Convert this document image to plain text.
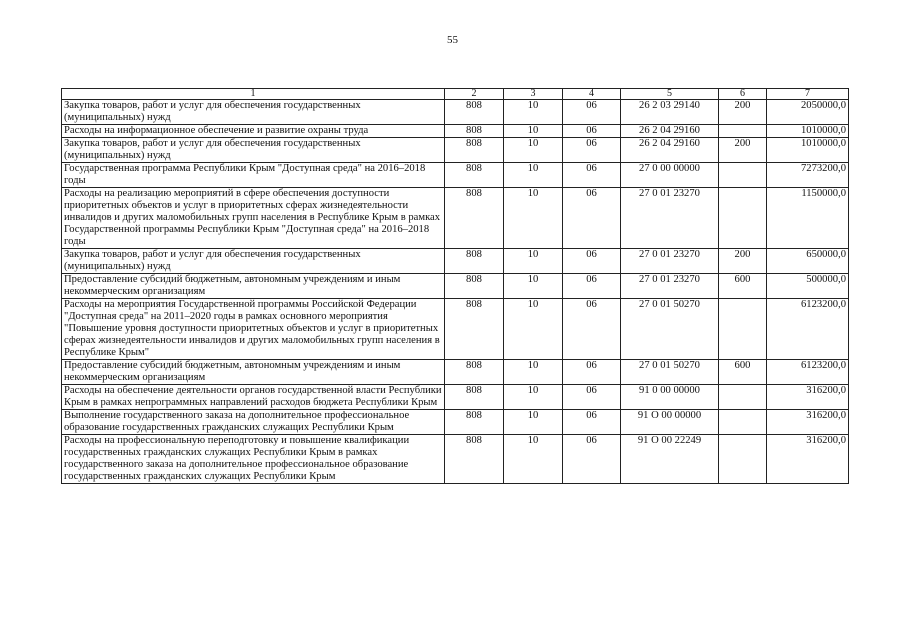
55
1	2	3	4	5	6	7
Закупка товаров, работ и услуг для обеспечения государственных (муниципальных) нужд	808	10	06	26 2 03 29140	200	2050000,0
Расходы на информационное обеспечение и развитие охраны труда	808	10	06	26 2 04 29160		1010000,0
Закупка товаров, работ и услуг для обеспечения государственных (муниципальных) нужд	808	10	06	26 2 04 29160	200	1010000,0
Государственная программа Республики Крым "Доступная среда" на 2016–2018 годы	808	10	06	27 0 00 00000		7273200,0
Расходы на реализацию мероприятий в сфере обеспечения доступности приоритетных объектов и услуг в приоритетных сферах жизнедеятельности инвалидов и других маломобильных групп населения в Республике Крым в рамках Государственной программы Республики Крым "Доступная среда" на 2016–2018 годы	808	10	06	27 0 01 23270		1150000,0
Закупка товаров, работ и услуг для обеспечения государственных (муниципальных) нужд	808	10	06	27 0 01 23270	200	650000,0
Предоставление субсидий бюджетным, автономным учреждениям и иным некоммерческим организациям	808	10	06	27 0 01 23270	600	500000,0
Расходы на мероприятия Государственной программы Российской Федерации "Доступная среда" на 2011–2020 годы в рамках основного мероприятия "Повышение уровня доступности приоритетных объектов и услуг в приоритетных сферах жизнедеятельности инвалидов и других маломобильных групп населения в Республике Крым"	808	10	06	27 0 01 50270		6123200,0
Предоставление субсидий бюджетным, автономным учреждениям и иным некоммерческим организациям	808	10	06	27 0 01 50270	600	6123200,0
Расходы на обеспечение деятельности органов государственной власти Республики Крым в рамках непрограммных направлений расходов бюджета Республики Крым	808	10	06	91 0 00 00000		316200,0
Выполнение государственного заказа на дополнительное профессиональное образование государственных гражданских служащих Республики Крым	808	10	06	91 О 00 00000		316200,0
Расходы на профессиональную переподготовку и повышение квалификации государственных гражданских служащих Республики Крым в рамках государственного заказа на дополнительное профессиональное образование государственных гражданских служащих Республики Крым	808	10	06	91 О 00 22249		316200,0
